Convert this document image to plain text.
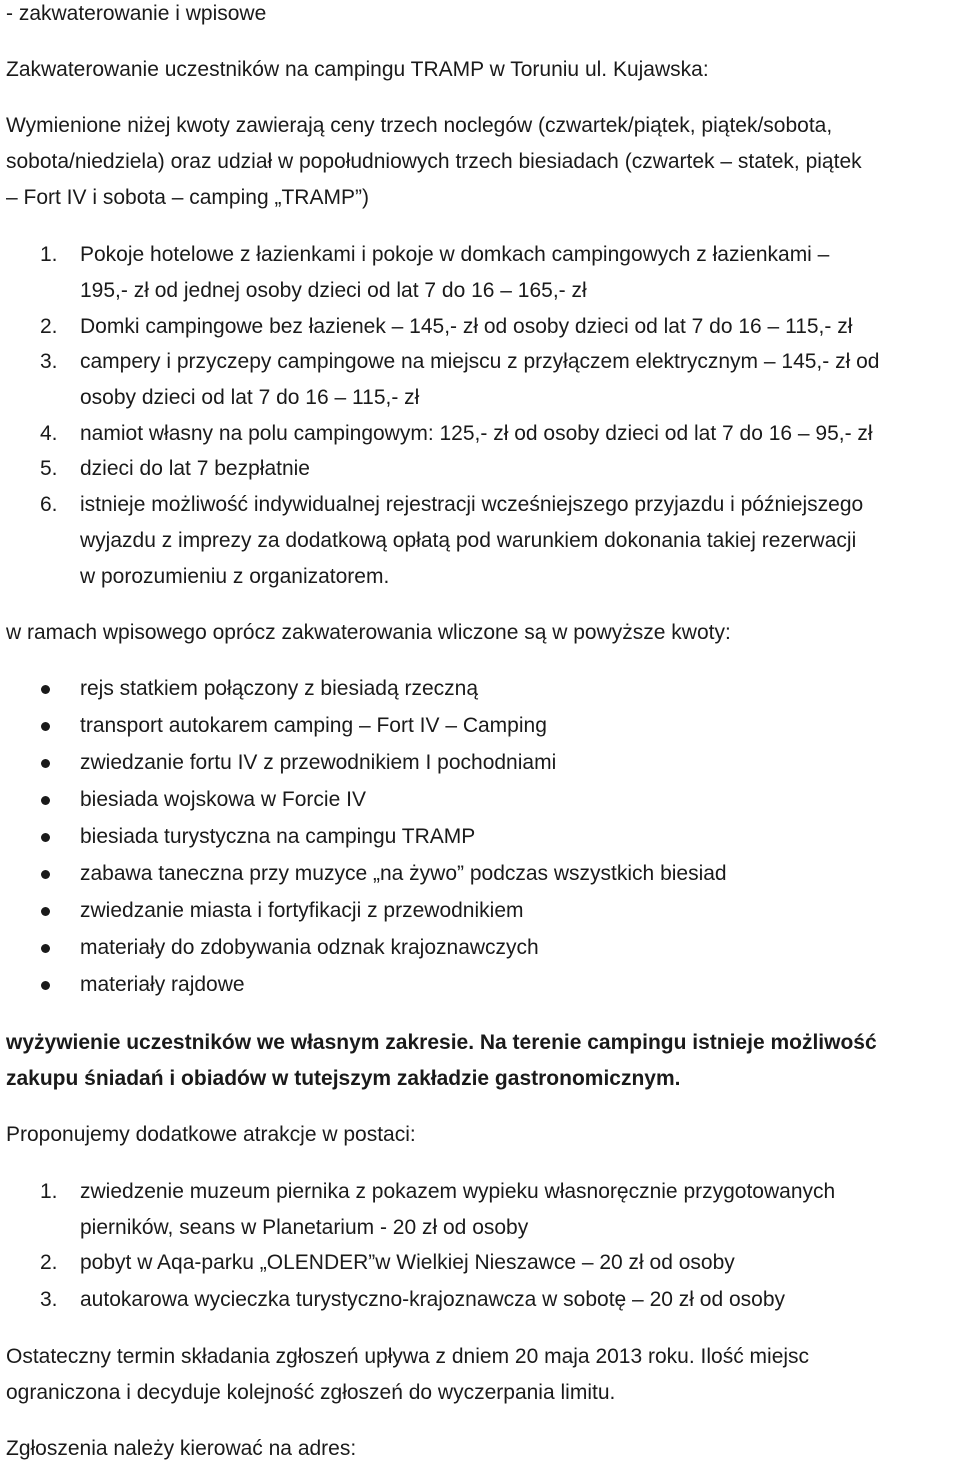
- zakwaterowanie i wpisowe
Zakwaterowanie uczestników na campingu TRAMP w Toruniu ul. Kujawska:
Wymienione niżej kwoty zawierają ceny trzech noclegów (czwartek/piątek, piątek/sobota,
sobota/niedziela) oraz udział w popołudniowych trzech biesiadach (czwartek – statek, piątek
– Fort IV i sobota – camping „TRAMP”)
1. Pokoje hotelowe z łazienkami i pokoje w domkach campingowych z łazienkami –
195,- zł od jednej osoby dzieci od lat 7 do 16 – 165,- zł
2. Domki campingowe bez łazienek – 145,- zł od osoby dzieci od lat 7 do 16 – 115,- zł
3. campery i przyczepy campingowe na miejscu z przyłączem elektrycznym – 145,- zł od
osoby dzieci od lat 7 do 16 – 115,- zł
4. namiot własny na polu campingowym: 125,- zł od osoby dzieci od lat 7 do 16 – 95,- zł
5. dzieci do lat 7 bezpłatnie
6. istnieje możliwość indywidualnej rejestracji wcześniejszego przyjazdu i późniejszego
wyjazdu z imprezy za dodatkową opłatą pod warunkiem dokonania takiej rezerwacji
w porozumieniu z organizatorem.
w ramach wpisowego oprócz zakwaterowania wliczone są w powyższe kwoty:
rejs statkiem połączony z biesiadą rzeczną
transport autokarem camping – Fort IV – Camping
zwiedzanie fortu IV z przewodnikiem I pochodniami
biesiada wojskowa w Forcie IV
biesiada turystyczna na campingu TRAMP
zabawa taneczna przy muzyce „na żywo” podczas wszystkich biesiad
zwiedzanie miasta i fortyfikacji z przewodnikiem
materiały do zdobywania odznak krajoznawczych
materiały rajdowe
wyżywienie uczestników we własnym zakresie. Na terenie campingu istnieje możliwość
zakupu śniadań i obiadów w tutejszym zakładzie gastronomicznym.
Proponujemy dodatkowe atrakcje w postaci:
1. zwiedzenie muzeum piernika z pokazem wypieku własnoręcznie przygotowanych
pierników, seans w Planetarium - 20 zł od osoby
2. pobyt w Aqa-parku „OLENDER”w Wielkiej Nieszawce – 20 zł od osoby
3. autokarowa wycieczka turystyczno-krajoznawcza w sobotę – 20 zł od osoby
Ostateczny termin składania zgłoszeń upływa z dniem 20 maja 2013 roku. Ilość miejsc
ograniczona i decyduje kolejność zgłoszeń do wyczerpania limitu.
Zgłoszenia należy kierować na adres:
